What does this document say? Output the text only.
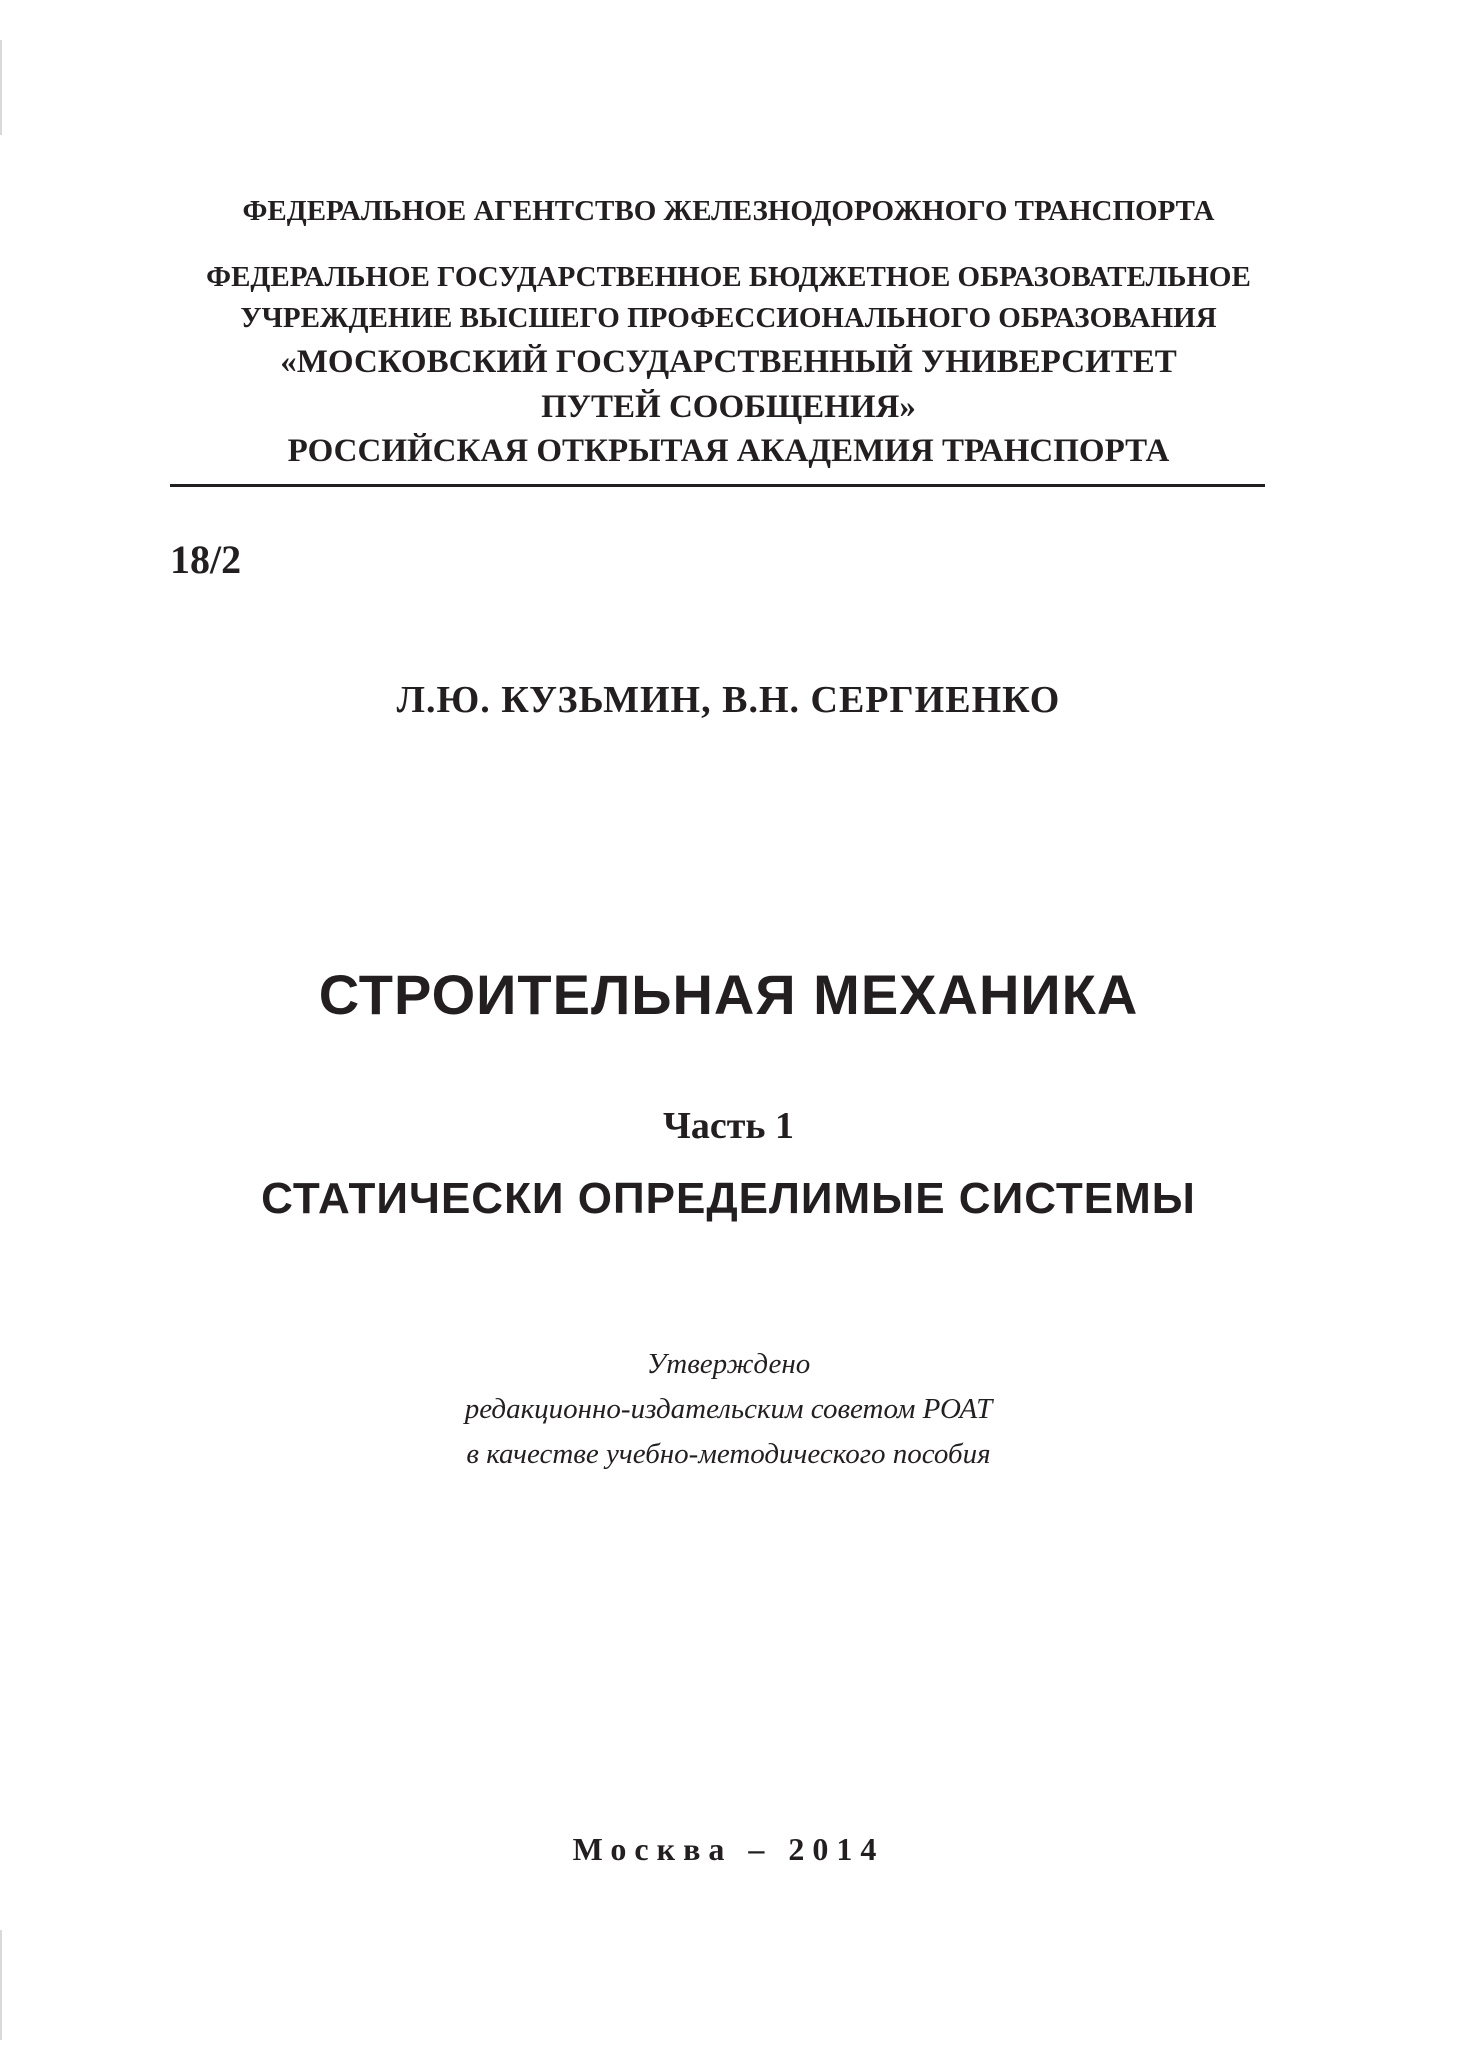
ФЕДЕРАЛЬНОЕ АГЕНТСТВО ЖЕЛЕЗНОДОРОЖНОГО ТРАНСПОРТА
ФЕДЕРАЛЬНОЕ ГОСУДАРСТВЕННОЕ БЮДЖЕТНОЕ ОБРАЗОВАТЕЛЬНОЕ
УЧРЕЖДЕНИЕ ВЫСШЕГО ПРОФЕССИОНАЛЬНОГО ОБРАЗОВАНИЯ
«МОСКОВСКИЙ ГОСУДАРСТВЕННЫЙ УНИВЕРСИТЕТ
ПУТЕЙ СООБЩЕНИЯ»
РОССИЙСКАЯ ОТКРЫТАЯ АКАДЕМИЯ ТРАНСПОРТА
18/2
Л.Ю. КУЗЬМИН, В.Н. СЕРГИЕНКО
СТРОИТЕЛЬНАЯ МЕХАНИКА
Часть 1
СТАТИЧЕСКИ ОПРЕДЕЛИМЫЕ СИСТЕМЫ
Утверждено
редакционно-издательским советом РОАТ
в качестве учебно-методического пособия
Москва – 2014
